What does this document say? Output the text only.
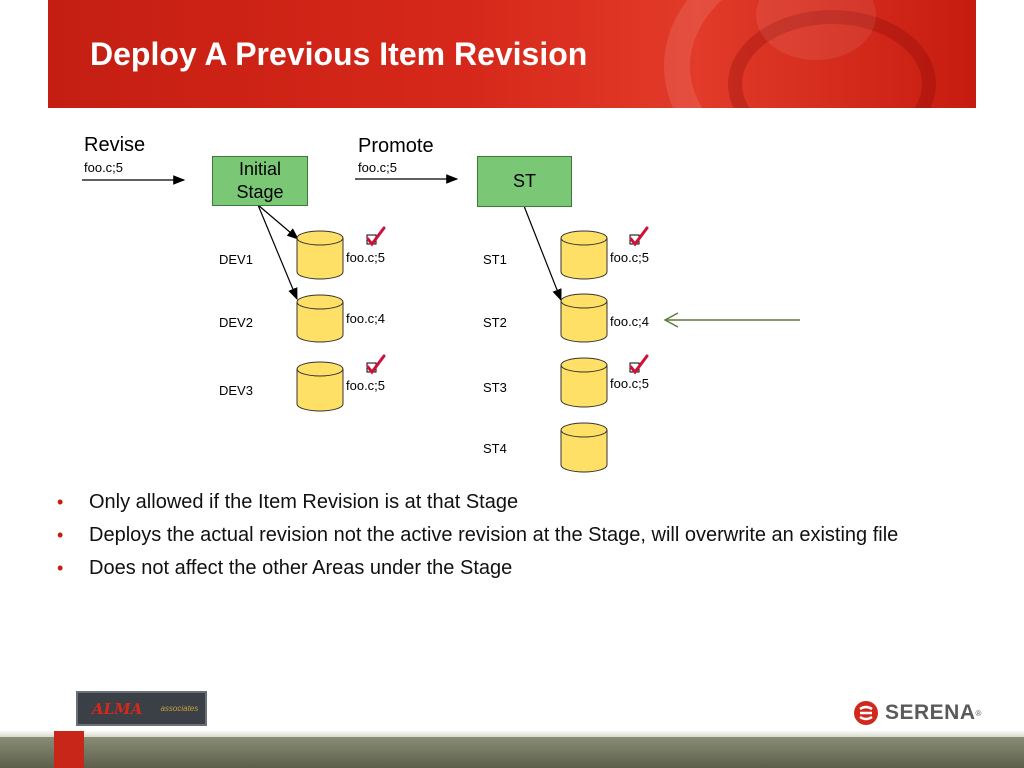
Deploy A Previous Item Revision
Revise
foo.c;5
Promote
foo.c;5
Initial
Stage
ST
DEV1
DEV2
DEV3
foo.c;5
foo.c;4
foo.c;5
ST1
ST2
ST3
ST4
foo.c;5
foo.c;4
foo.c;5
• Only allowed if the Item Revision is at that Stage
• Deploys the actual revision not the active revision at the Stage, will overwrite an existing file
• Does not affect the other Areas under the Stage
ALMA associates	SERENA ®
